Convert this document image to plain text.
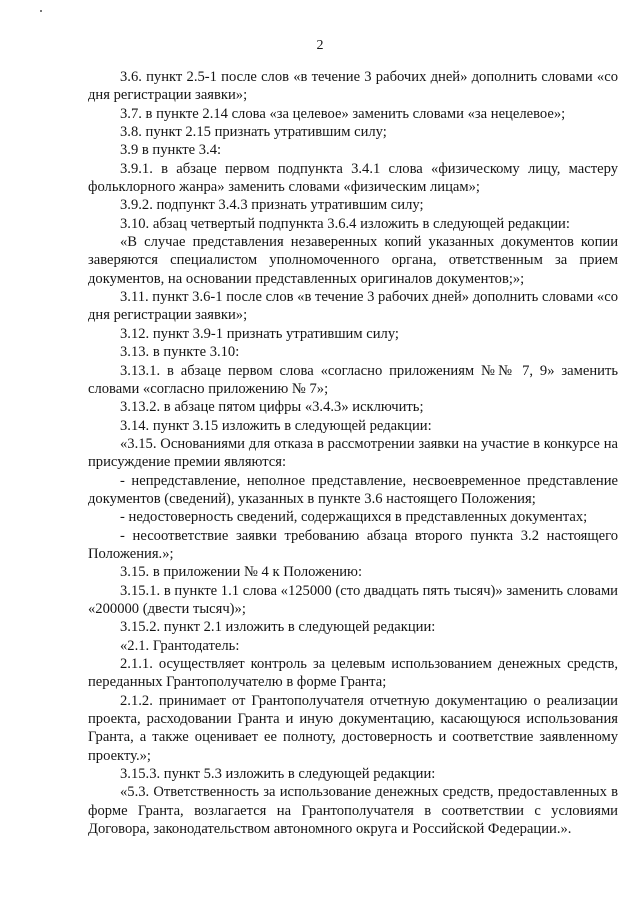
2

3.6. пункт 2.5-1 после слов «в течение 3 рабочих дней» дополнить словами «со дня регистрации заявки»;

3.7. в пункте 2.14 слова «за целевое» заменить словами «за нецелевое»;

3.8. пункт 2.15 признать утратившим силу;

3.9 в пункте 3.4:

3.9.1. в абзаце первом подпункта 3.4.1 слова «физическому лицу, мастеру фольклорного жанра» заменить словами «физическим лицам»;

3.9.2. подпункт 3.4.3 признать утратившим силу;

3.10. абзац четвертый подпункта 3.6.4 изложить в следующей редакции:

«В случае представления незаверенных копий указанных документов копии заверяются специалистом уполномоченного органа, ответственным за прием документов, на основании представленных оригиналов документов;»;

3.11. пункт 3.6-1 после слов «в течение 3 рабочих дней» дополнить словами «со дня регистрации заявки»;

3.12. пункт 3.9-1 признать утратившим силу;

3.13. в пункте 3.10:

3.13.1. в абзаце первом слова «согласно приложениям №№ 7, 9» заменить словами «согласно приложению № 7»;

3.13.2. в абзаце пятом цифры «3.4.3» исключить;

3.14. пункт 3.15 изложить в следующей редакции:

«3.15. Основаниями для отказа в рассмотрении заявки на участие в конкурсе на присуждение премии являются:

- непредставление, неполное представление, несвоевременное представление документов (сведений), указанных в пункте 3.6 настоящего Положения;

- недостоверность сведений, содержащихся в представленных документах;

- несоответствие заявки требованию абзаца второго пункта 3.2 настоящего Положения.»;

3.15. в приложении № 4 к Положению:

3.15.1. в пункте 1.1 слова «125000 (сто двадцать пять тысяч)» заменить словами «200000 (двести тысяч)»;

3.15.2. пункт 2.1 изложить в следующей редакции:

«2.1. Грантодатель:

2.1.1. осуществляет контроль за целевым использованием денежных средств, переданных Грантополучателю в форме Гранта;

2.1.2. принимает от Грантополучателя отчетную документацию о реализации проекта, расходовании Гранта и иную документацию, касающуюся использования Гранта, а также оценивает ее полноту, достоверность и соответствие заявленному проекту.»;

3.15.3. пункт 5.3 изложить в следующей редакции:

«5.3. Ответственность за использование денежных средств, предоставленных в форме Гранта, возлагается на Грантополучателя в соответствии с условиями Договора, законодательством автономного округа и Российской Федерации.».
